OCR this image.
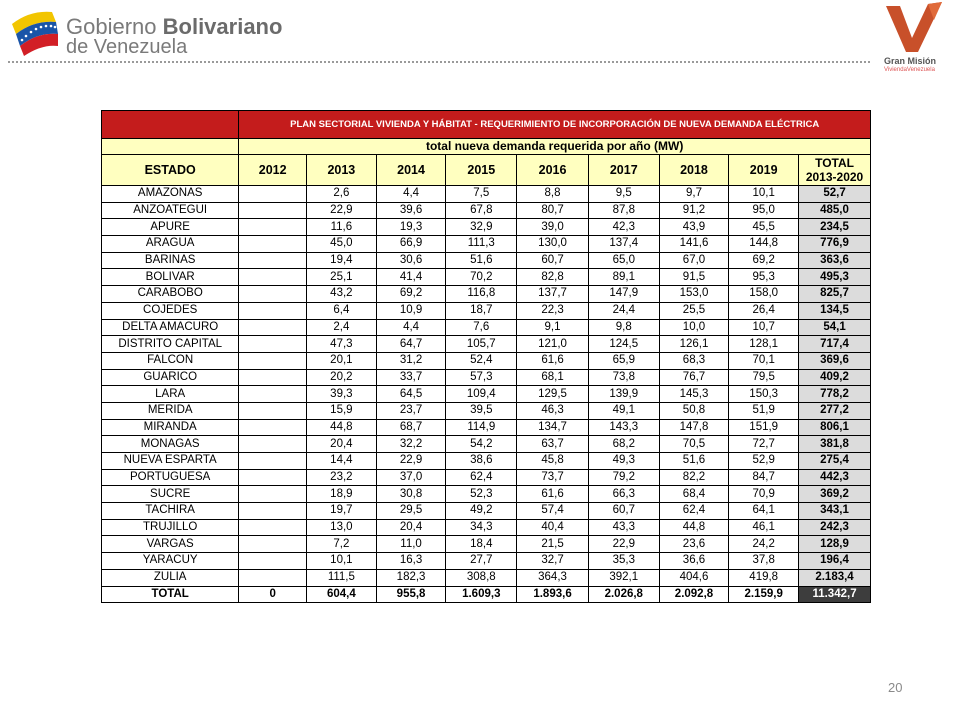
Gobierno Bolivariano
de Venezuela
Gran Misión
ViviendaVenezuela
	PLAN SECTORIAL VIVIENDA Y HÁBITAT - REQUERIMIENTO DE INCORPORACIÓN DE NUEVA DEMANDA ELÉCTRICA								
	total nueva demanda requerida por año (MW)								
ESTADO	2012	2013	2014	2015	2016	2017	2018	2019	TOTAL
2013-2020
AMAZONAS		2,6	4,4	7,5	8,8	9,5	9,7	10,1	52,7
ANZOATEGUI		22,9	39,6	67,8	80,7	87,8	91,2	95,0	485,0
APURE		11,6	19,3	32,9	39,0	42,3	43,9	45,5	234,5
ARAGUA		45,0	66,9	111,3	130,0	137,4	141,6	144,8	776,9
BARINAS		19,4	30,6	51,6	60,7	65,0	67,0	69,2	363,6
BOLIVAR		25,1	41,4	70,2	82,8	89,1	91,5	95,3	495,3
CARABOBO		43,2	69,2	116,8	137,7	147,9	153,0	158,0	825,7
COJEDES		6,4	10,9	18,7	22,3	24,4	25,5	26,4	134,5
DELTA AMACURO		2,4	4,4	7,6	9,1	9,8	10,0	10,7	54,1
DISTRITO CAPITAL		47,3	64,7	105,7	121,0	124,5	126,1	128,1	717,4
FALCON		20,1	31,2	52,4	61,6	65,9	68,3	70,1	369,6
GUARICO		20,2	33,7	57,3	68,1	73,8	76,7	79,5	409,2
LARA		39,3	64,5	109,4	129,5	139,9	145,3	150,3	778,2
MERIDA		15,9	23,7	39,5	46,3	49,1	50,8	51,9	277,2
MIRANDA		44,8	68,7	114,9	134,7	143,3	147,8	151,9	806,1
MONAGAS		20,4	32,2	54,2	63,7	68,2	70,5	72,7	381,8
NUEVA ESPARTA		14,4	22,9	38,6	45,8	49,3	51,6	52,9	275,4
PORTUGUESA		23,2	37,0	62,4	73,7	79,2	82,2	84,7	442,3
SUCRE		18,9	30,8	52,3	61,6	66,3	68,4	70,9	369,2
TACHIRA		19,7	29,5	49,2	57,4	60,7	62,4	64,1	343,1
TRUJILLO		13,0	20,4	34,3	40,4	43,3	44,8	46,1	242,3
VARGAS		7,2	11,0	18,4	21,5	22,9	23,6	24,2	128,9
YARACUY		10,1	16,3	27,7	32,7	35,3	36,6	37,8	196,4
ZULIA		111,5	182,3	308,8	364,3	392,1	404,6	419,8	2.183,4
TOTAL	0	604,4	955,8	1.609,3	1.893,6	2.026,8	2.092,8	2.159,9	11.342,7
20
